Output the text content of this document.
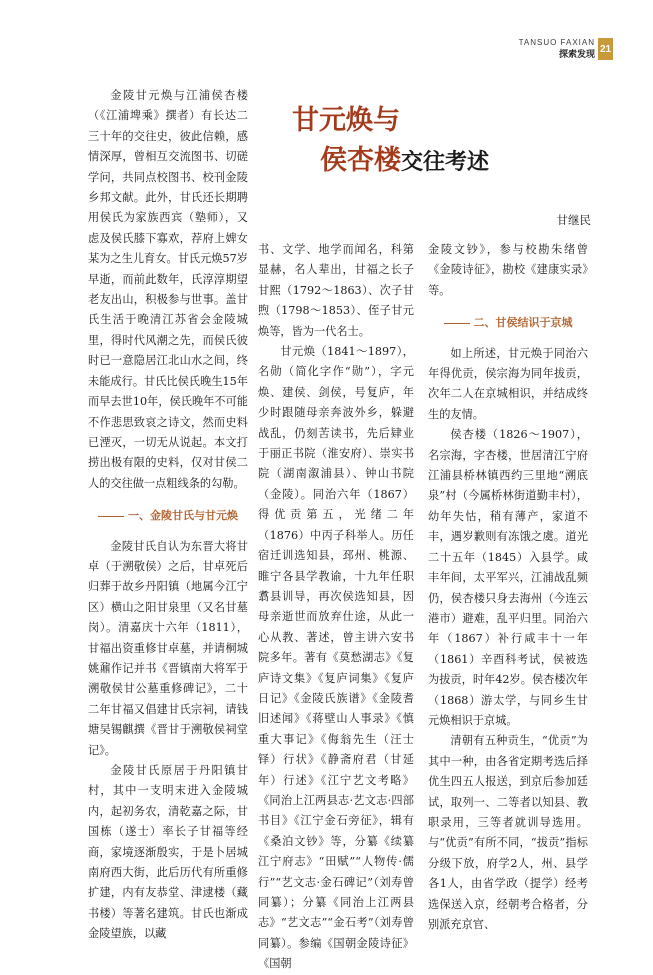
TANSUO FAXIAN
探索发现
21
甘元焕与
侯杏楼交往考述
甘继民

金陵甘元焕与江浦侯杏楼（《江浦埤乘》撰者）有长达二三十年的交往史，彼此信赖，感情深厚，曾相互交流图书、切磋学问，共同点校图书、校刊金陵乡邦文献。此外，甘氏还长期聘用侯氏为家族西宾（塾师），又虑及侯氏膝下寡欢，荐府上婢女某为之生儿育女。甘氏元焕57岁早逝，而前此数年，氏淳淳期望老友出山，积极参与世事。盖甘氏生活于晚清江苏省会金陵城里，得时代风潮之先，而侯氏彼时已一意隐居江北山水之间，终未能成行。甘氏比侯氏晚生15年而早去世10年，侯氏晚年不可能不作悲思致哀之诗文，然而史料已湮灭，一切无从说起。本文打捞出极有限的史料，仅对甘侯二人的交往做一点粗线条的勾勒。

一、金陵甘氏与甘元焕

金陵甘氏自认为东晋大将甘卓（于溯敬侯）之后，甘卓死后归葬于故乡丹阳镇（地属今江宁区）横山之阳甘泉里（又名甘墓岗）。清嘉庆十六年（1811），甘福出资重修甘卓墓，并请桐城姚鼐作记并书《晋镇南大将军于溯敬侯甘公墓重修碑记》，二十二年甘福又倡建甘氏宗祠，请钱塘吴锡麒撰《晋甘于溯敬侯祠堂记》。

金陵甘氏原居于丹阳镇甘村，其中一支明末进入金陵城内，起初务农，清乾嘉之际，甘国栋（遂士）率长子甘福等经商，家境逐渐殷实，于是卜居城南府西大街，此后历代有所重修扩建，内有友恭堂、津逮楼（藏书楼）等著名建筑。甘氏也渐成金陵望族，以藏

书、文学、地学而闻名，科第显赫，名人辈出，甘福之长子甘熙（1792～1863）、次子甘煦（1798～1853）、侄子甘元焕等，皆为一代名士。

甘元焕（1841～1897），名勋（简化字作“勋”），字元焕、建侯、剑侯，号复庐，年少时跟随母亲奔波外乡，躲避战乱，仍刻苦读书，先后肄业于丽正书院（淮安府）、崇实书院（湖南溆浦县）、钟山书院（金陵）。同治六年（1867）得优贡第五，光绪二年（1876）中丙子科举人。历任宿迁训选知县，邳州、桃源、睢宁各县学教谕，十九年任职翥县训导，再次侯选知县，因母亲逝世而放弃仕途，从此一心从教、著述，曾主讲六安书院多年。著有《莫愁湖志》《复庐诗文集》《复庐词集》《复庐日记》《金陵氏族谱》《金陵耆旧述闻》《蒋壁山人事录》《慎重大事记》《侮翁先生（汪士铎）行状》《静斋府君（甘延年）行述》《江宁艺文考略》《同治上江两县志·艺文志·四部书目》《江宁金石旁征》，辑有《桑泊文钞》等，分纂《续纂江宁府志》“田赋”“人物传·儒行”“艺文志·金石碑记”（刘寿曾同纂）；分纂《同治上江两县志》“艺文志”“金石考”（刘寿曾同纂）。参编《国朝金陵诗征》《国朝

金陵文钞》，参与校勘朱绪曾《金陵诗征》，勘校《建康实录》等。

二、甘侯结识于京城

如上所述，甘元焕于同治六年得优贡，侯宗海为同年拔贡，次年二人在京城相识，并结成终生的友情。

侯杏楼（1826～1907），名宗海，字杏楼，世居清江宁府江浦县桥林镇西约三里地“溯底泉”村（今属桥林街道勤丰村），幼年失怙，稍有薄产，家道不丰，遇岁歉则有冻饿之虞。道光二十五年（1845）入县学。咸丰年间，太平军兴，江浦战乱频仍，侯杏楼只身去海州（今连云港市）避难，乱平归里。同治六年（1867）补行咸丰十一年（1861）辛酉科考试，侯被选为拔贡，时年42岁。侯杏楼次年（1868）游太学，与同乡生甘元焕相识于京城。

清朝有五种贡生，“优贡”为其中一种，由各省定期考选后择优生四五人报送，到京后参加廷试，取列一、二等者以知县、教职录用，三等者就训导选用。与“优贡”有所不同，“拔贡”指标分级下放，府学2人，州、县学各1人，由省学政（提学）经考选保送入京，经朝考合格者，分别派充京官、
